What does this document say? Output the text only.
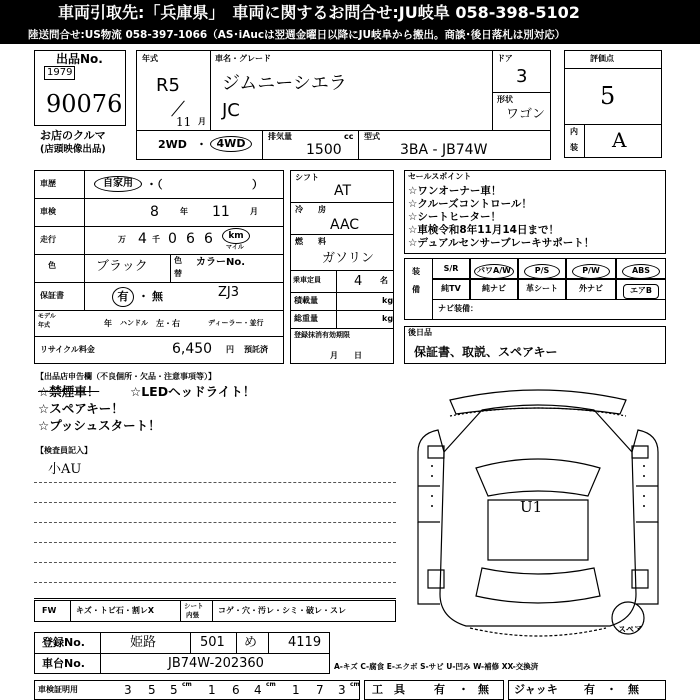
車両引取先:「兵庫県」　車両に関するお問合せ:JU岐阜 058-398-5102
陸送問合せ:US物流 058-397-1066（AS･iAucは翌週金曜日以降にJU岐阜から搬出。商談･後日落札は別対応）
出品No.
1979
90076
お店のクルマ
(店頭映像出品)
年式
R5
11 月
車名・グレード
ジムニーシエラ
JC
ドア
3
形状
ワゴン
2WD ・ 4WD
排気量	cc
1500
型式
3BA - JB74W
評価点
5
内
装 A
車歴	自家用	・（	）
車検	8	年 11	月
走行	万 4 千 0 6 6	km
マイル
色	ブラック	色
替
カラーNo.
ZJ3
保証書	有 ・ 無
モデル
年式	年 ハンドル 左・右	ディーラー・並行
リサイクル料金	6,450 円 預託済
シフト
AT
冷 房
AAC
燃 料
ガソリン
乗車定員	4 名
積載量	kg
総重量	kg
登録抹消有効期限
月　　日
セールスポイント
☆ワンオーナー車！
☆クルーズコントロール！
☆シートヒーター！
☆車検令和8年11月14日まで！
☆デュアルセンサーブレーキサポート！
装
備
S/R	パワA/W	P/S	P/W	ABS
純TV	純ナビ	革シート	外ナビ	エアB
ナビ装備：
後日品
保証書、取説、スペアキー
【出品店申告欄（不良個所・欠品・注意事項等）】
☆禁煙車！ ☆LEDヘッドライト！
☆スペアキー！
☆プッシュスタート！
【検査員記入】
小AU
U1
スペア
FW キズ・トビ石・割レX	シート
内張 コゲ・穴・汚レ・シミ・破レ・スレ
登録No.	姫路	501 め 4119
車台No.	JB74W-202360	A-キズ C-腐食 E-エクボ S-サビ U-凹み W-補修 XX-交換済
車検証明用	3 5 5	1 6 4	1 7 3
cm	cm	cm 工　具	有 ・ 無 ジャッキ 有 ・ 無
